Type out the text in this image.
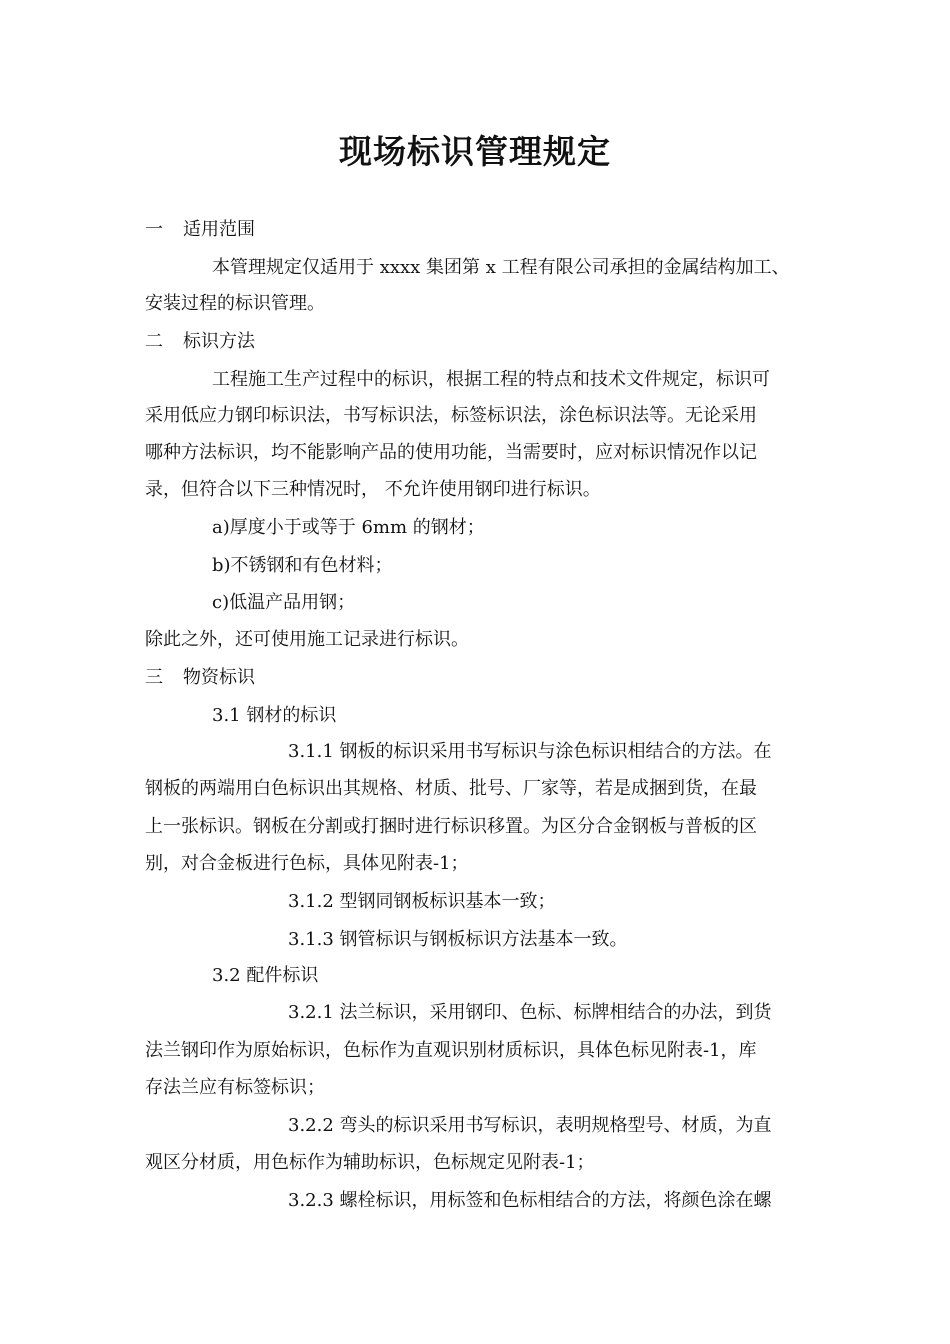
现场标识管理规定
一 适用范围
本管理规定仅适用于 xxxx 集团第 x 工程有限公司承担的金属结构加工、
安装过程的标识管理。
二 标识方法
工程施工生产过程中的标识，根据工程的特点和技术文件规定，标识可
采用低应力钢印标识法，书写标识法，标签标识法，涂色标识法等。无论采用
哪种方法标识，均不能影响产品的使用功能，当需要时，应对标识情况作以记
录，但符合以下三种情况时， 不允许使用钢印进行标识。
a)厚度小于或等于 6mm 的钢材；
b)不锈钢和有色材料；
c)低温产品用钢；
除此之外，还可使用施工记录进行标识。
三 物资标识
3.1 钢材的标识
3.1.1 钢板的标识采用书写标识与涂色标识相结合的方法。在
钢板的两端用白色标识出其规格、材质、批号、厂家等，若是成捆到货，在最
上一张标识。钢板在分割或打捆时进行标识移置。为区分合金钢板与普板的区
别，对合金板进行色标，具体见附表-1；
3.1.2 型钢同钢板标识基本一致；
3.1.3 钢管标识与钢板标识方法基本一致。
3.2 配件标识
3.2.1 法兰标识，采用钢印、色标、标牌相结合的办法，到货
法兰钢印作为原始标识，色标作为直观识别材质标识，具体色标见附表-1，库
存法兰应有标签标识；
3.2.2 弯头的标识采用书写标识，表明规格型号、材质，为直
观区分材质，用色标作为辅助标识，色标规定见附表-1；
3.2.3 螺栓标识，用标签和色标相结合的方法，将颜色涂在螺
